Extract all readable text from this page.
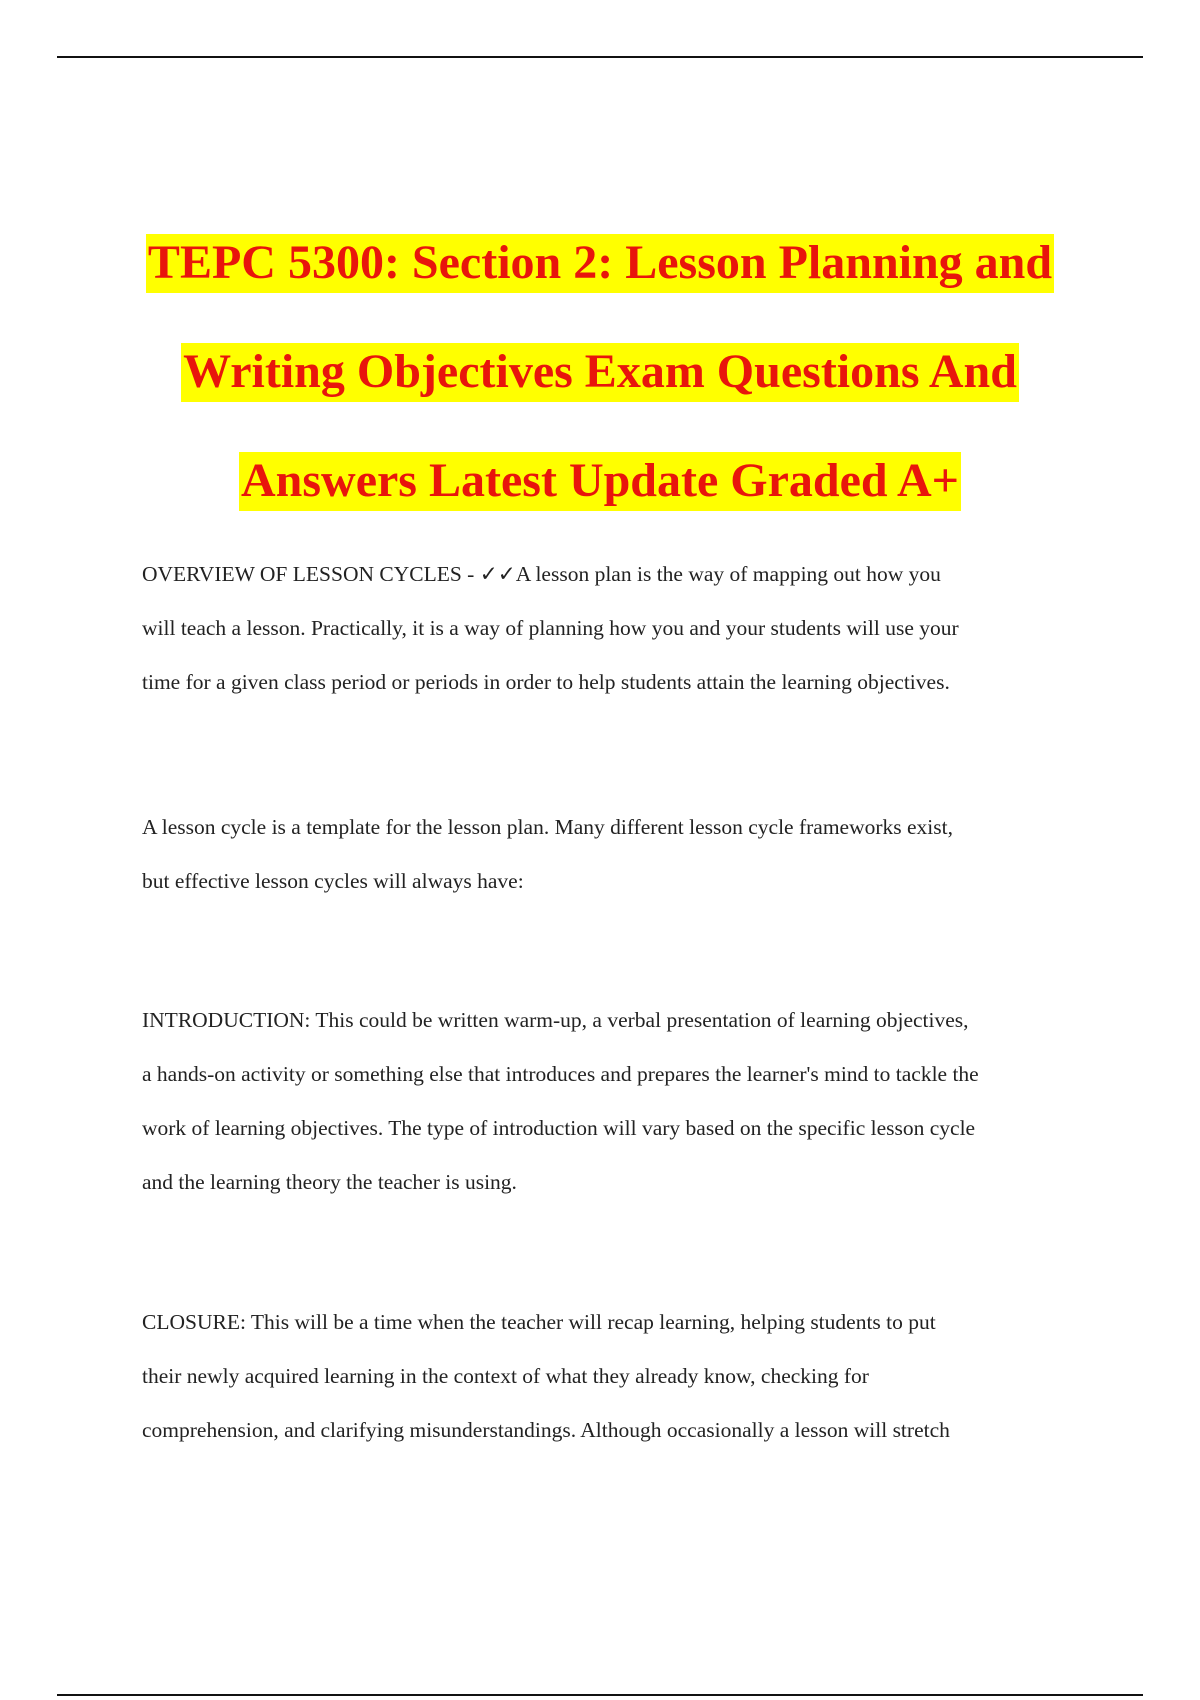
TEPC 5300: Section 2: Lesson Planning and
Writing Objectives Exam Questions And
Answers Latest Update Graded A+

OVERVIEW OF LESSON CYCLES - ✓✓A lesson plan is the way of mapping out how you
will teach a lesson. Practically, it is a way of planning how you and your students will use your
time for a given class period or periods in order to help students attain the learning objectives.

A lesson cycle is a template for the lesson plan. Many different lesson cycle frameworks exist,
but effective lesson cycles will always have:

INTRODUCTION: This could be written warm-up, a verbal presentation of learning objectives,
a hands-on activity or something else that introduces and prepares the learner's mind to tackle the
work of learning objectives. The type of introduction will vary based on the specific lesson cycle
and the learning theory the teacher is using.

CLOSURE: This will be a time when the teacher will recap learning, helping students to put
their newly acquired learning in the context of what they already know, checking for
comprehension, and clarifying misunderstandings. Although occasionally a lesson will stretch
